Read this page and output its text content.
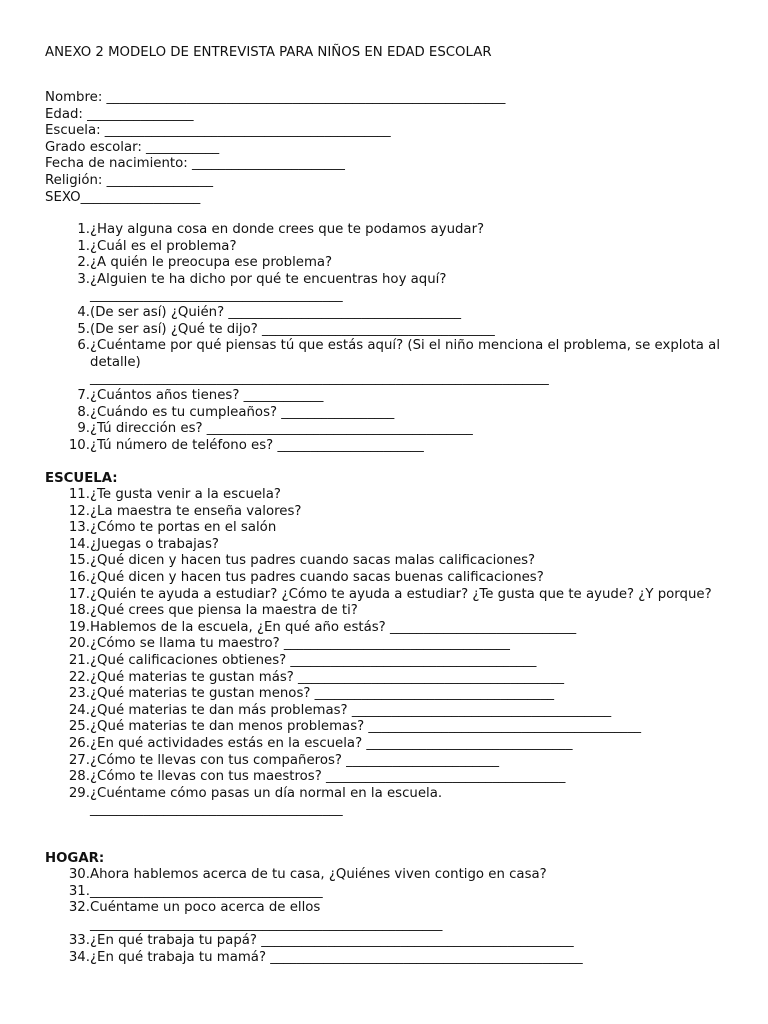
ANEXO 2 MODELO DE ENTREVISTA PARA NIÑOS EN EDAD ESCOLAR
Nombre: ____________________________________________________________
Edad: ________________
Escuela: ___________________________________________
Grado escolar: ___________
Fecha de nacimiento: _______________________
Religión: ________________
SEXO__________________
1. ¿Hay alguna cosa en donde crees que te podamos ayudar?
1. ¿Cuál es el problema?
2. ¿A quién le preocupa ese problema?
3. ¿Alguien te ha dicho por qué te encuentras hoy aquí?
______________________________________
4. (De ser así) ¿Quién? ___________________________________
5. (De ser así) ¿Qué te dijo? ___________________________________
6. ¿Cuéntame por qué piensas tú que estás aquí? (Si el niño menciona el problema, se explota al detalle)
_____________________________________________________________________
7. ¿Cuántos años tienes? ____________
8. ¿Cuándo es tu cumpleaños? _________________
9. ¿Tú dirección es? ________________________________________
10. ¿Tú número de teléfono es? ______________________
ESCUELA:
11. ¿Te gusta venir a la escuela?
12. ¿La maestra te enseña valores?
13. ¿Cómo te portas en el salón
14. ¿Juegas o trabajas?
15. ¿Qué dicen y hacen tus padres cuando sacas malas calificaciones?
16. ¿Qué dicen y hacen tus padres cuando sacas buenas calificaciones?
17. ¿Quién te ayuda a estudiar? ¿Cómo te ayuda a estudiar? ¿Te gusta que te ayude? ¿Y porque?
18. ¿Qué crees que piensa la maestra de ti?
19. Hablemos de la escuela, ¿En qué año estás? ____________________________
20. ¿Cómo se llama tu maestro? __________________________________
21. ¿Qué calificaciones obtienes? _____________________________________
22. ¿Qué materias te gustan más? ________________________________________
23. ¿Qué materias te gustan menos? ____________________________________
24. ¿Qué materias te dan más problemas? _______________________________________
25. ¿Qué materias te dan menos problemas? _________________________________________
26. ¿En qué actividades estás en la escuela? _______________________________
27. ¿Cómo te llevas con tus compañeros? _______________________
28. ¿Cómo te llevas con tus maestros? ____________________________________
29. ¿Cuéntame cómo pasas un día normal en la escuela.
______________________________________
HOGAR:
30. Ahora hablemos acerca de tu casa, ¿Quiénes viven contigo en casa?
31. ___________________________________
32. Cuéntame un poco acerca de ellos
_____________________________________________________
33. ¿En qué trabaja tu papá? _______________________________________________
34. ¿En qué trabaja tu mamá? _______________________________________________
